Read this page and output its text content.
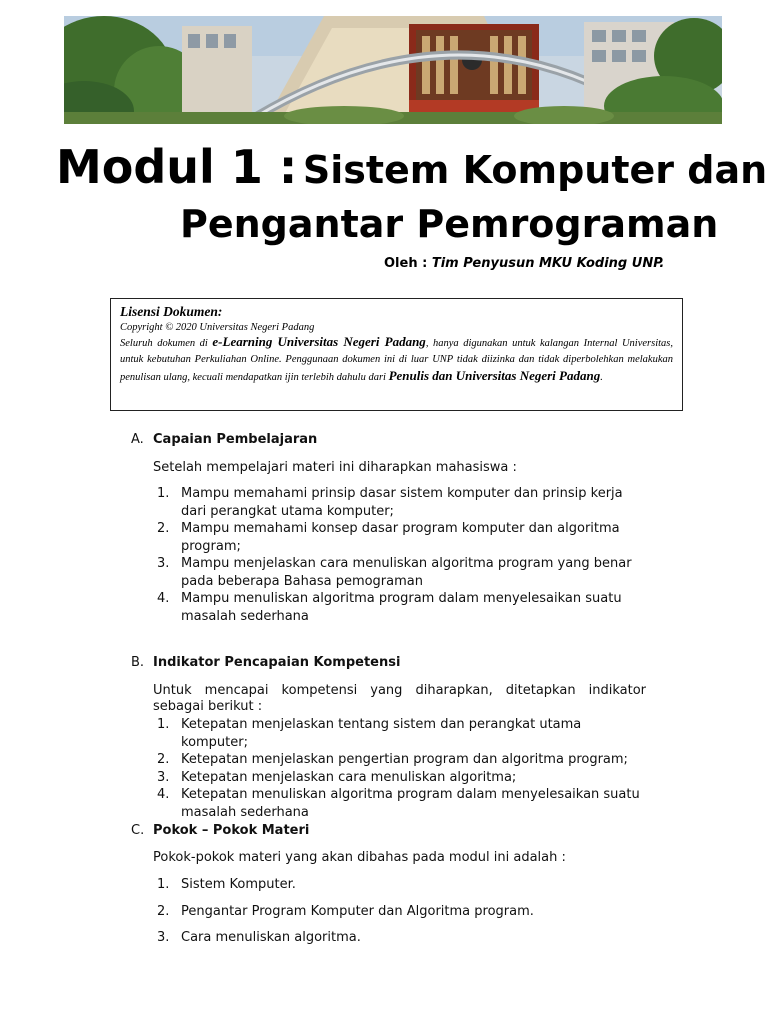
Modul 1 : Sistem Komputer dan
Pengantar Pemrograman
Oleh : Tim Penyusun MKU Koding UNP.
Lisensi Dokumen:
Copyright © 2020 Universitas Negeri Padang
Seluruh dokumen di e-Learning Universitas Negeri Padang, hanya digunakan untuk kalangan Internal Universitas, untuk kebutuhan Perkuliahan Online. Penggunaan dokumen ini di luar UNP tidak diizinka dan tidak diperbolehkan melakukan penulisan ulang, kecuali mendapatkan ijin terlebih dahulu dari Penulis dan Universitas Negeri Padang.
A. Capaian Pembelajaran
Setelah mempelajari materi ini diharapkan mahasiswa :
1. Mampu memahami prinsip dasar sistem komputer dan prinsip kerja dari perangkat utama komputer;
2. Mampu memahami konsep dasar program komputer dan algoritma program;
3. Mampu menjelaskan cara menuliskan algoritma program yang benar pada beberapa Bahasa pemograman
4. Mampu menuliskan algoritma program dalam menyelesaikan suatu masalah sederhana
B. Indikator Pencapaian Kompetensi
Untuk mencapai kompetensi yang diharapkan, ditetapkan indikator sebagai berikut :
1. Ketepatan menjelaskan tentang sistem dan perangkat utama komputer;
2. Ketepatan menjelaskan pengertian program dan algoritma program;
3. Ketepatan menjelaskan cara menuliskan algoritma;
4. Ketepatan menuliskan algoritma program dalam menyelesaikan suatu masalah sederhana
C. Pokok – Pokok Materi
Pokok-pokok materi yang akan dibahas pada modul ini adalah :
1. Sistem Komputer.
2. Pengantar Program Komputer dan Algoritma program.
3. Cara menuliskan algoritma.
